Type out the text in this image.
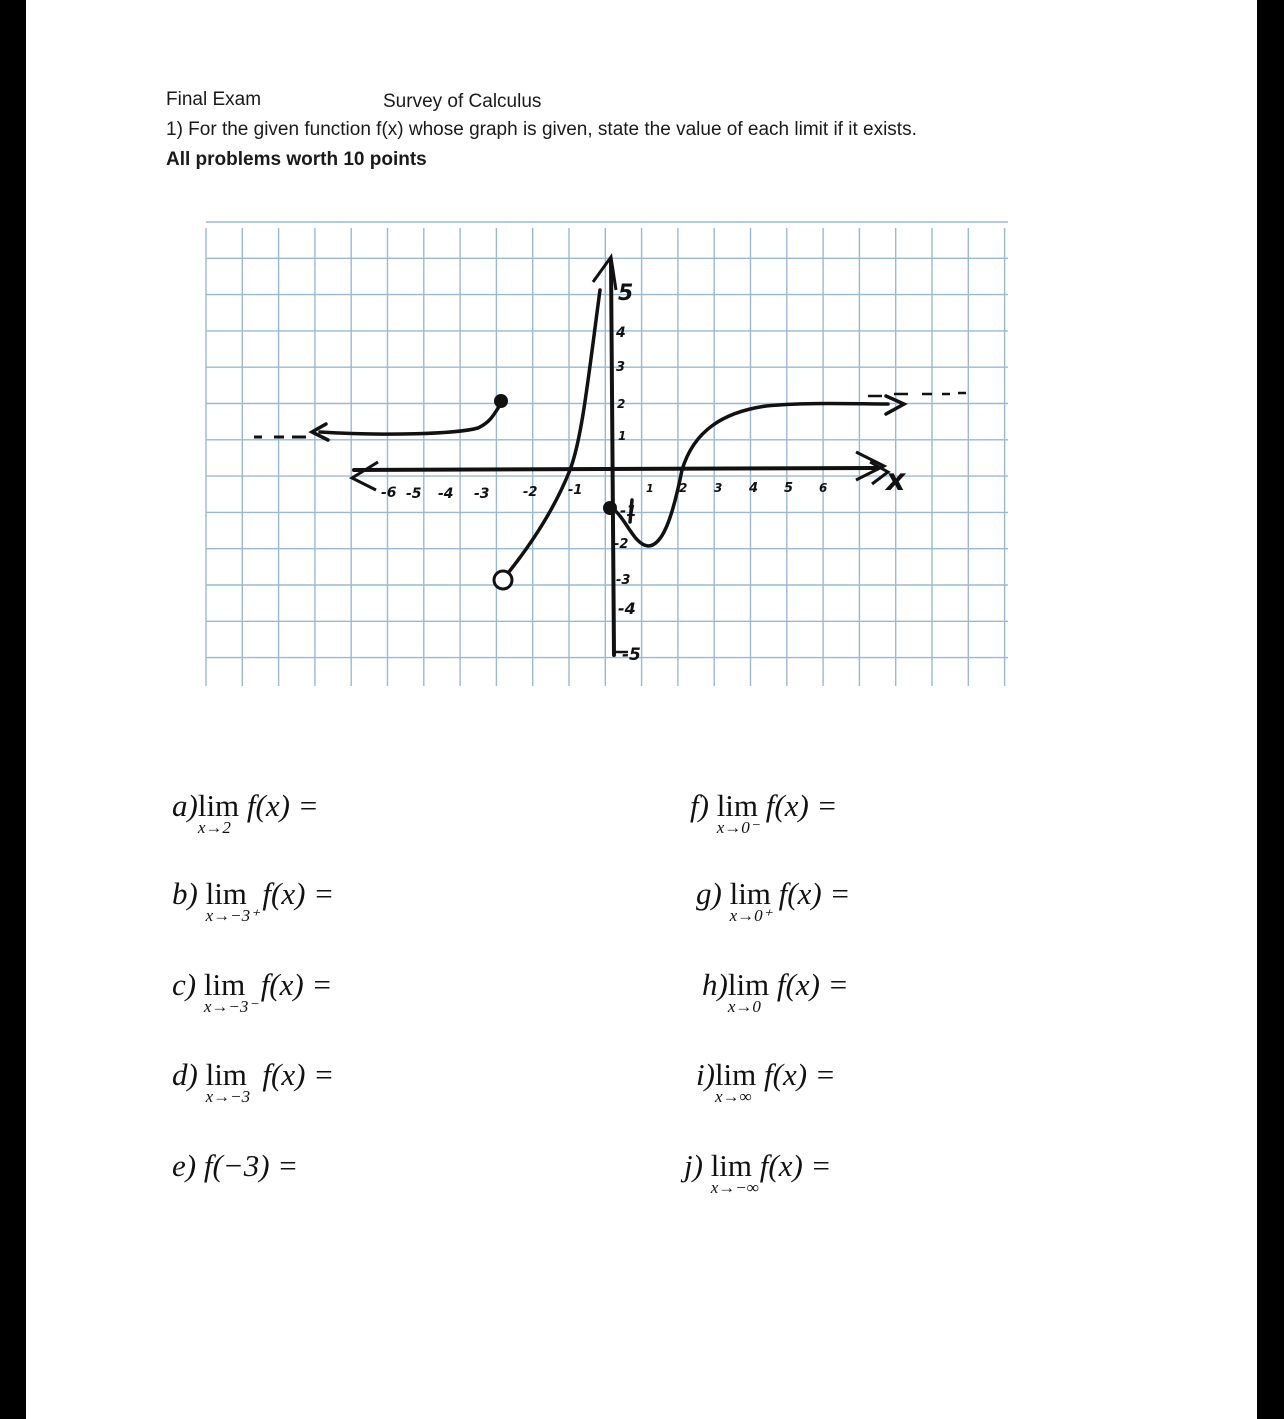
Final Exam	Survey of Calculus
1) For the given function f(x) whose graph is given, state the value of each limit if it exists.
All problems worth 10 points
5
4
3
2
1
-1
-2
-3
-4
-5
-6 -5 -4 -3	-2 -1	1 2 3 4 5 6 x
a)lim
x→2
f(x) =
b) lim
x→−3⁺
f(x) =
c) lim
x→−3⁻
f(x) =
d) lim
x→−3
f(x) =
e) f(−3) =
f) lim
x→0⁻
f(x) =
g) lim
x→0⁺
f(x) =
h)lim
x→0
f(x) =
i)lim
x→∞
f(x) =
j) lim
x→−∞
f(x) =
